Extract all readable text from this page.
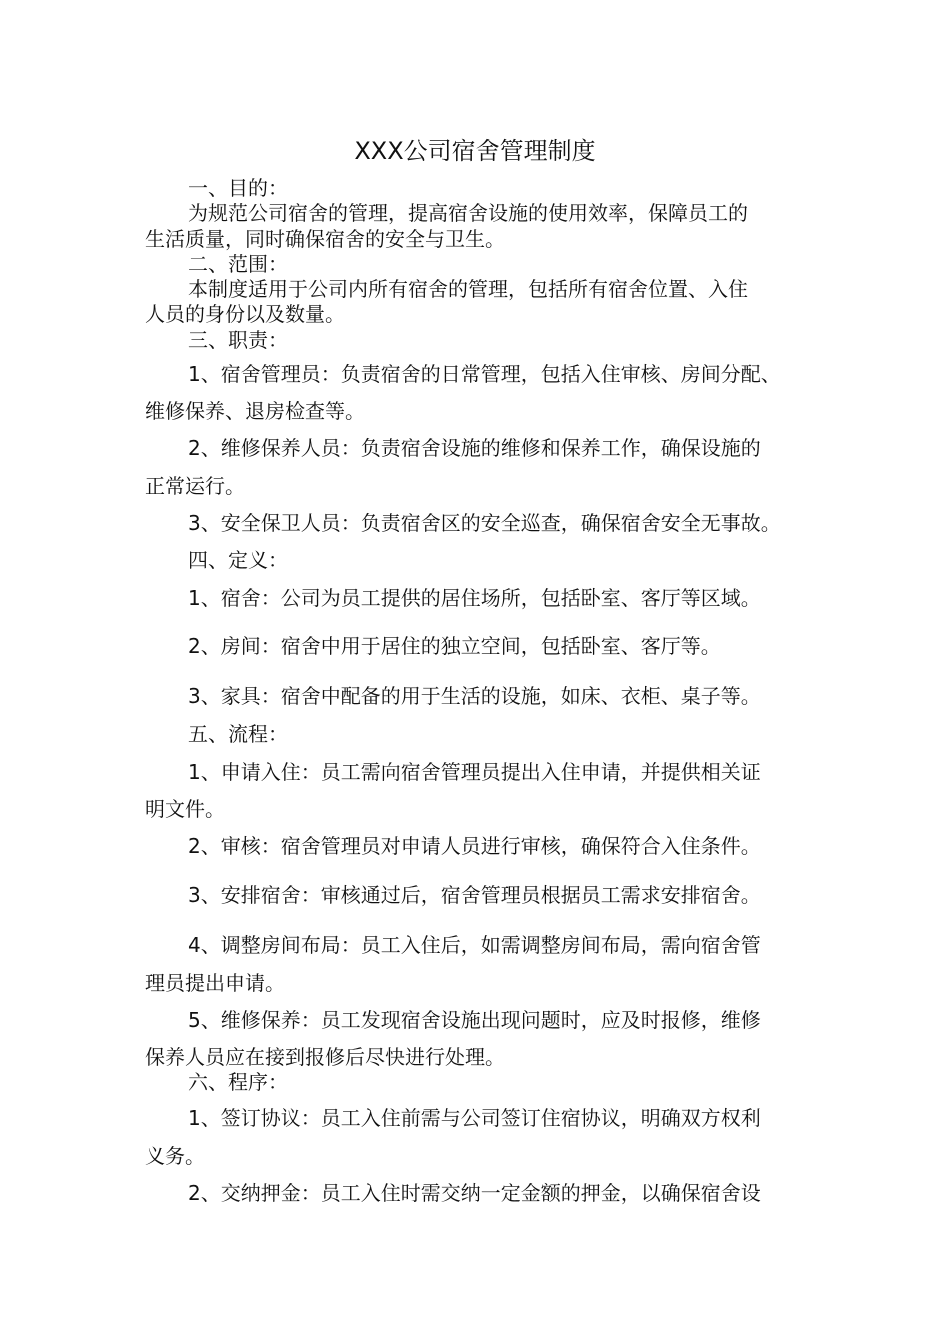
XXX公司宿舍管理制度

一、目的：

为规范公司宿舍的管理，提高宿舍设施的使用效率，保障员工的

生活质量，同时确保宿舍的安全与卫生。

二、范围：

本制度适用于公司内所有宿舍的管理，包括所有宿舍位置、入住

人员的身份以及数量。

三、职责：

1、宿舍管理员：负责宿舍的日常管理，包括入住审核、房间分配、

维修保养、退房检查等。

2、维修保养人员：负责宿舍设施的维修和保养工作，确保设施的

正常运行。

3、安全保卫人员：负责宿舍区的安全巡查，确保宿舍安全无事故。

四、定义：

1、宿舍：公司为员工提供的居住场所，包括卧室、客厅等区域。

2、房间：宿舍中用于居住的独立空间，包括卧室、客厅等。

3、家具：宿舍中配备的用于生活的设施，如床、衣柜、桌子等。

五、流程：

1、申请入住：员工需向宿舍管理员提出入住申请，并提供相关证

明文件。

2、审核：宿舍管理员对申请人员进行审核，确保符合入住条件。

3、安排宿舍：审核通过后，宿舍管理员根据员工需求安排宿舍。

4、调整房间布局：员工入住后，如需调整房间布局，需向宿舍管

理员提出申请。

5、维修保养：员工发现宿舍设施出现问题时，应及时报修，维修

保养人员应在接到报修后尽快进行处理。

六、程序：

1、签订协议：员工入住前需与公司签订住宿协议，明确双方权利

义务。

2、交纳押金：员工入住时需交纳一定金额的押金，以确保宿舍设
